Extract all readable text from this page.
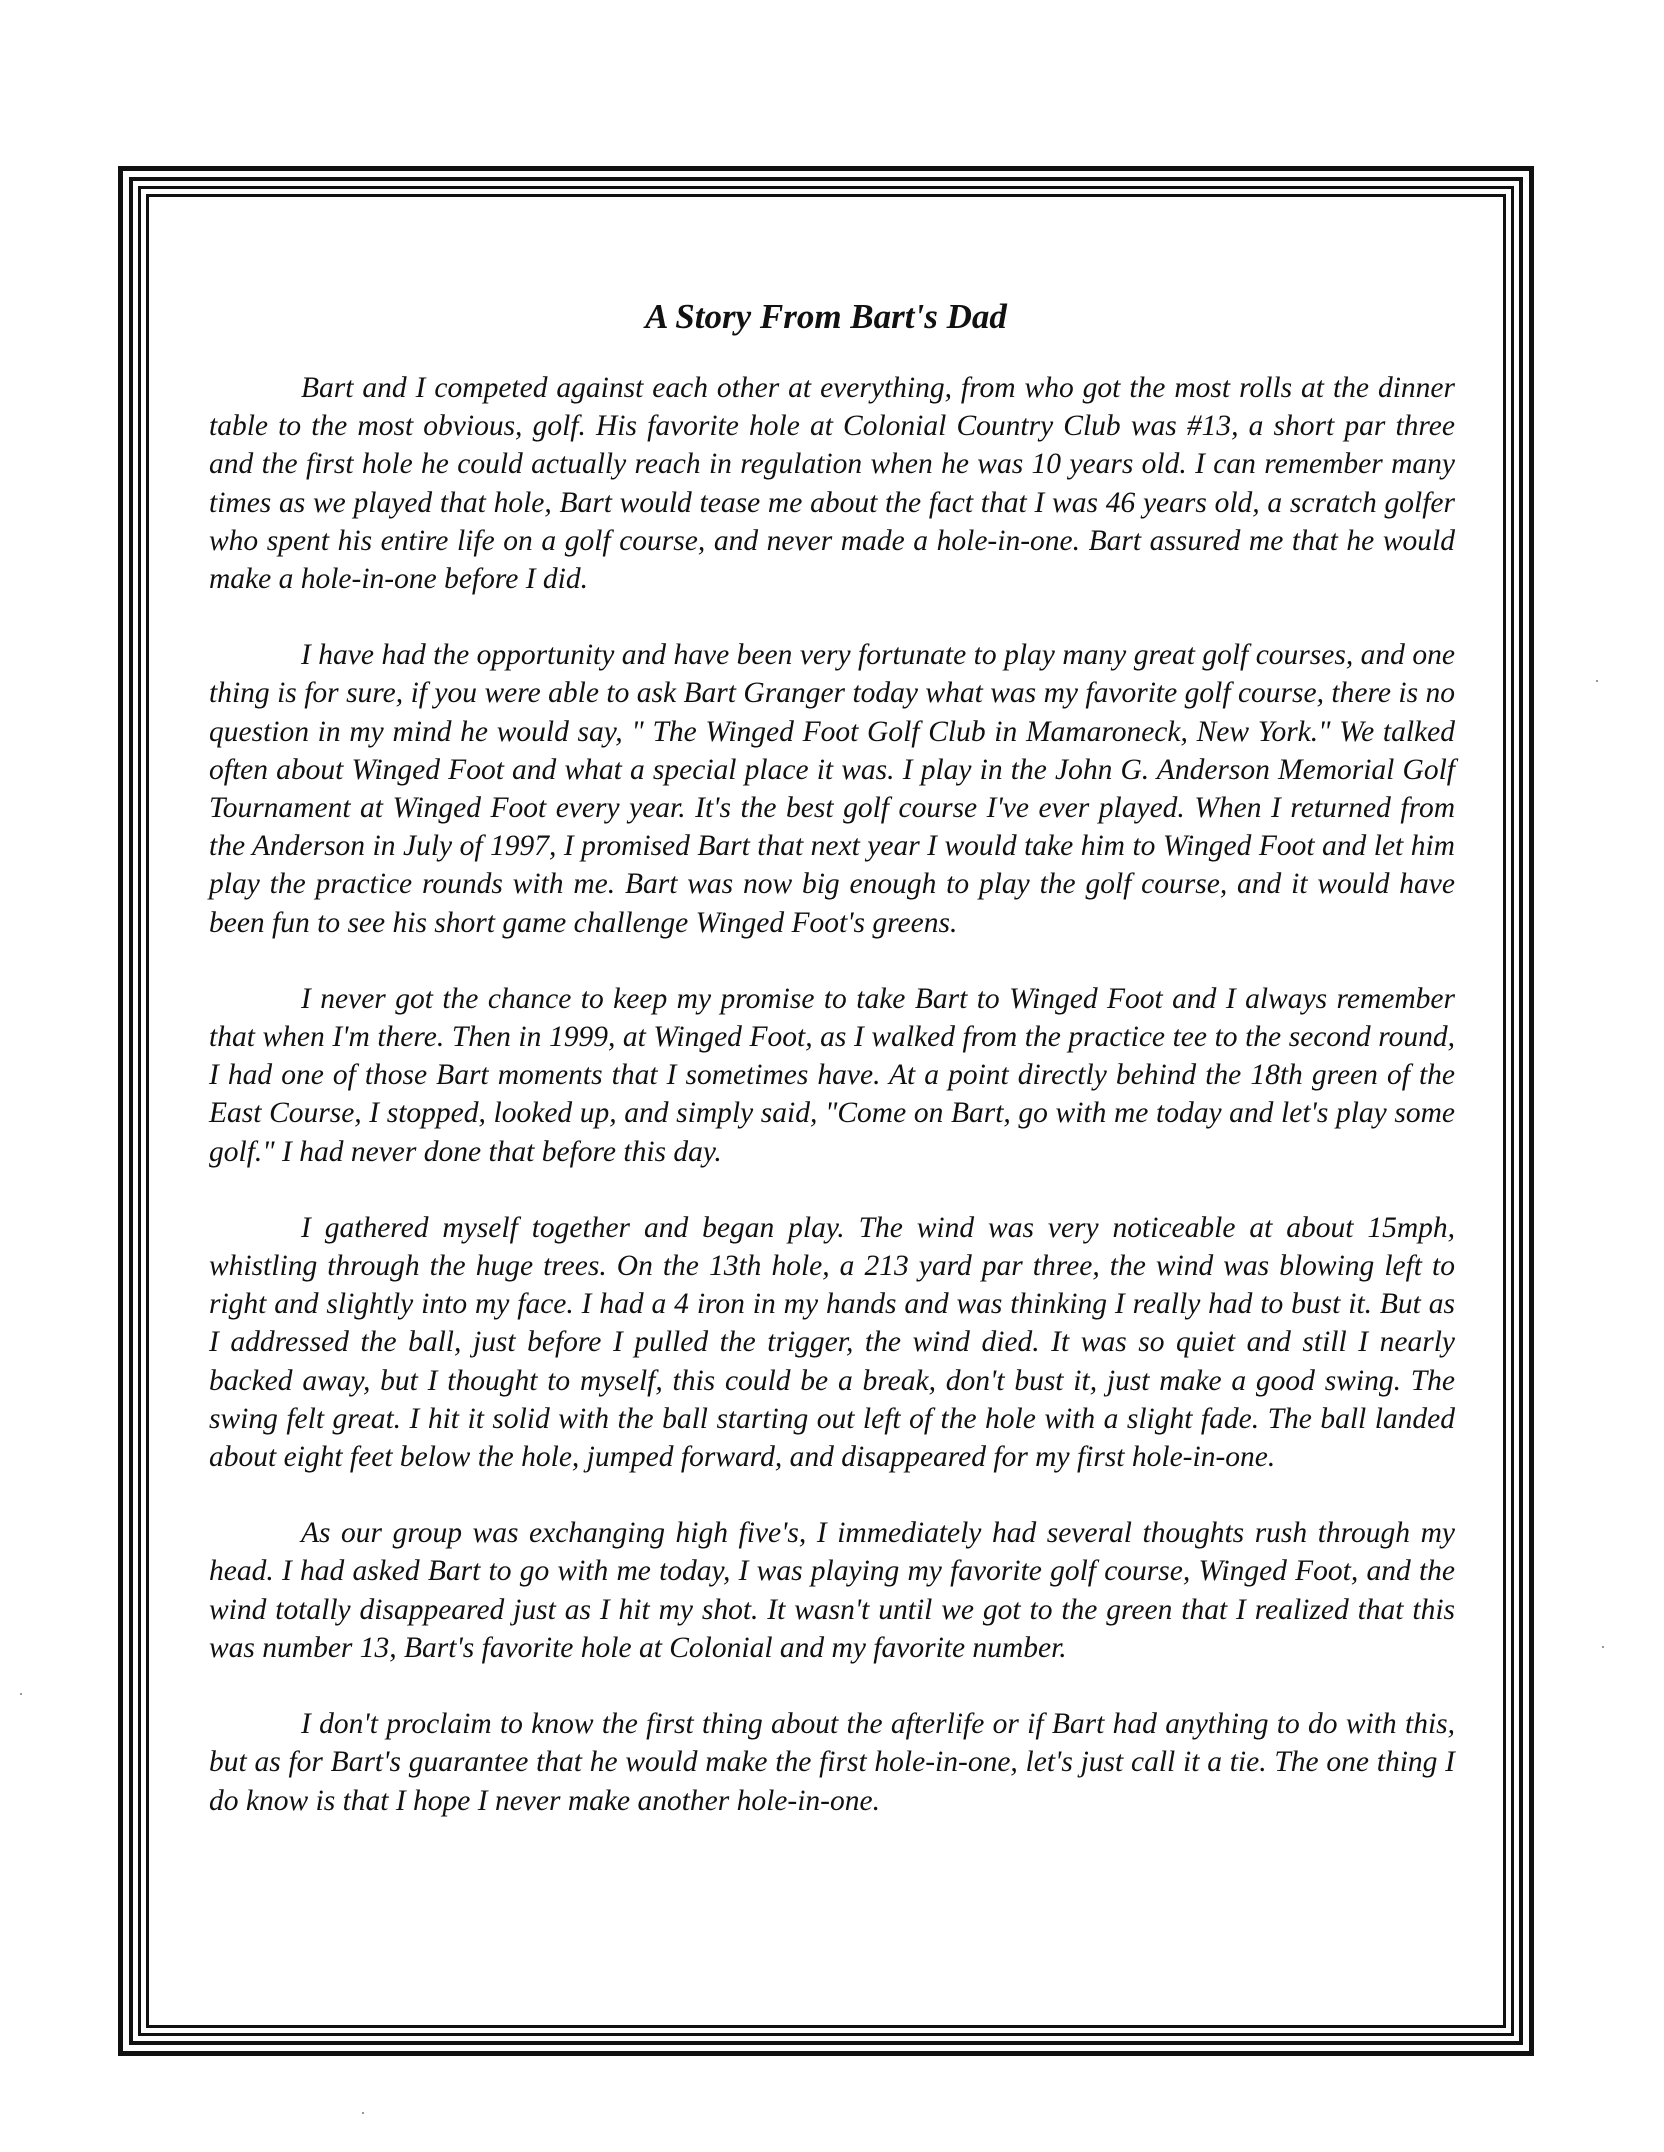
A Story From Bart's Dad

Bart and I competed against each other at everything, from who got the most rolls at the dinner table to the most obvious, golf. His favorite hole at Colonial Country Club was #13, a short par three and the first hole he could actually reach in regulation when he was 10 years old. I can remember many times as we played that hole, Bart would tease me about the fact that I was 46 years old, a scratch golfer who spent his entire life on a golf course, and never made a hole-in-one. Bart assured me that he would make a hole-in-one before I did.

I have had the opportunity and have been very fortunate to play many great golf courses, and one thing is for sure, if you were able to ask Bart Granger today what was my favorite golf course, there is no question in my mind he would say, " The Winged Foot Golf Club in Mamaroneck, New York." We talked often about Winged Foot and what a special place it was. I play in the John G. Anderson Memorial Golf Tournament at Winged Foot every year. It's the best golf course I've ever played. When I returned from the Anderson in July of 1997, I promised Bart that next year I would take him to Winged Foot and let him play the practice rounds with me. Bart was now big enough to play the golf course, and it would have been fun to see his short game challenge Winged Foot's greens.

I never got the chance to keep my promise to take Bart to Winged Foot and I always remember that when I'm there. Then in 1999, at Winged Foot, as I walked from the practice tee to the second round, I had one of those Bart moments that I sometimes have. At a point directly behind the 18th green of the East Course, I stopped, looked up, and simply said, "Come on Bart, go with me today and let's play some golf." I had never done that before this day.

I gathered myself together and began play. The wind was very noticeable at about 15mph, whistling through the huge trees. On the 13th hole, a 213 yard par three, the wind was blowing left to right and slightly into my face. I had a 4 iron in my hands and was thinking I really had to bust it. But as I addressed the ball, just before I pulled the trigger, the wind died. It was so quiet and still I nearly backed away, but I thought to myself, this could be a break, don't bust it, just make a good swing. The swing felt great. I hit it solid with the ball starting out left of the hole with a slight fade. The ball landed about eight feet below the hole, jumped forward, and disappeared for my first hole-in-one.

As our group was exchanging high five's, I immediately had several thoughts rush through my head. I had asked Bart to go with me today, I was playing my favorite golf course, Winged Foot, and the wind totally disappeared just as I hit my shot. It wasn't until we got to the green that I realized that this was number 13, Bart's favorite hole at Colonial and my favorite number.

I don't proclaim to know the first thing about the afterlife or if Bart had anything to do with this, but as for Bart's guarantee that he would make the first hole-in-one, let's just call it a tie. The one thing I do know is that I hope I never make another hole-in-one.
